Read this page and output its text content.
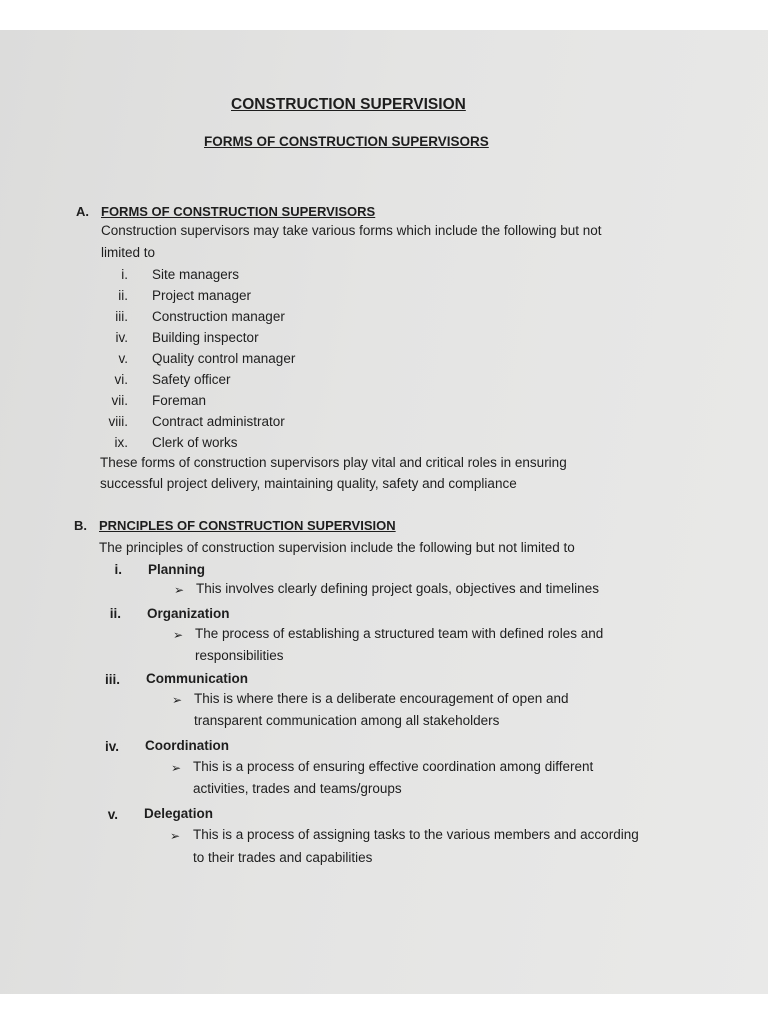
CONSTRUCTION SUPERVISION
FORMS OF CONSTRUCTION SUPERVISORS
A. FORMS OF CONSTRUCTION SUPERVISORS
Construction supervisors may take various forms which include the following but not
limited to
i. Site managers
ii. Project manager
iii. Construction manager
iv. Building inspector
v. Quality control manager
vi. Safety officer
vii. Foreman
viii. Contract administrator
ix. Clerk of works
These forms of construction supervisors play vital and critical roles in ensuring
successful project delivery, maintaining quality, safety and compliance
B. PRNCIPLES OF CONSTRUCTION SUPERVISION
The principles of construction supervision include the following but not limited to
i. Planning
➢ This involves clearly defining project goals, objectives and timelines
ii. Organization
➢ The process of establishing a structured team with defined roles and
responsibilities
iii. Communication
➢ This is where there is a deliberate encouragement of open and
transparent communication among all stakeholders
iv. Coordination
➢ This is a process of ensuring effective coordination among different
activities, trades and teams/groups
v. Delegation
➢ This is a process of assigning tasks to the various members and according
to their trades and capabilities
